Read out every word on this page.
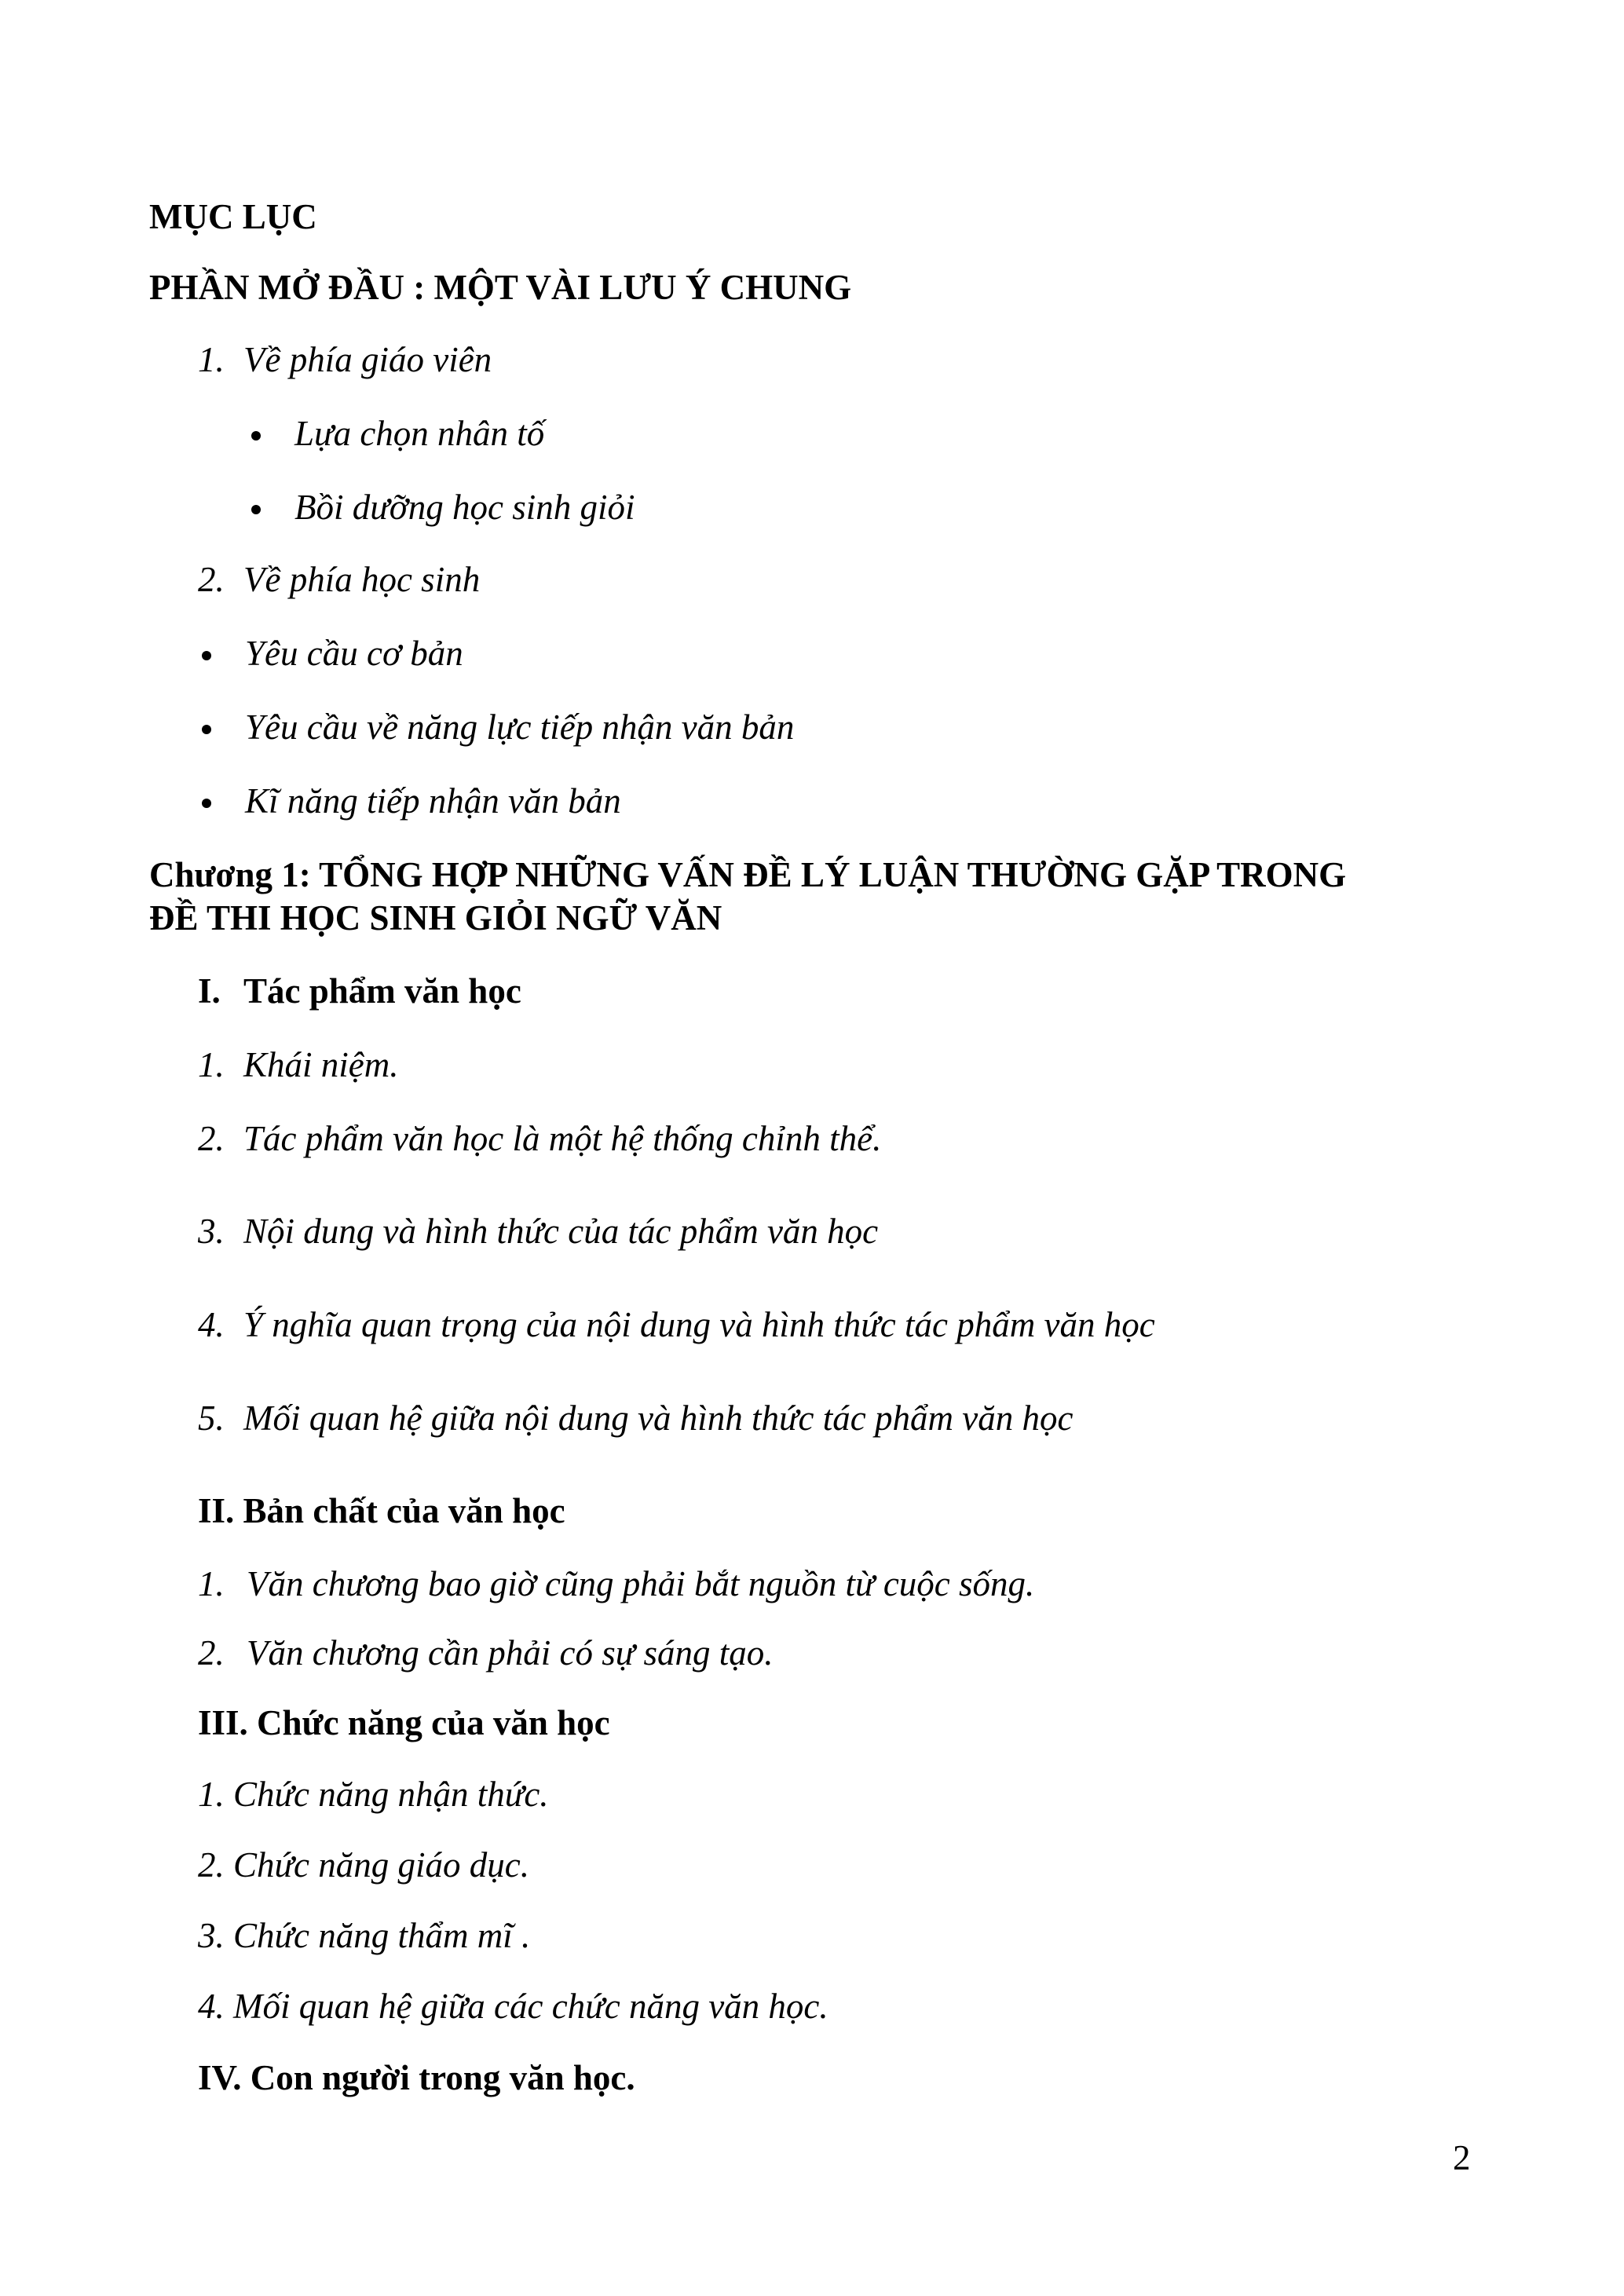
MỤC LỤC
PHẦN MỞ ĐẦU : MỘT VÀI LƯU Ý CHUNG
1. Về phía giáo viên
Lựa chọn nhân tố
Bồi dưỡng học sinh giỏi
2. Về phía học sinh
Yêu cầu cơ bản
Yêu cầu về năng lực tiếp nhận văn bản
Kĩ năng tiếp nhận văn bản
Chương 1: TỔNG HỢP NHỮNG VẤN ĐỀ LÝ LUẬN THƯỜNG GẶP TRONG
ĐỀ THI HỌC SINH GIỎI NGỮ VĂN
I. Tác phẩm văn học
1. Khái niệm.
2. Tác phẩm văn học là một hệ thống chỉnh thể.
3. Nội dung và hình thức của tác phẩm văn học
4. Ý nghĩa quan trọng của nội dung và hình thức tác phẩm văn học
5. Mối quan hệ giữa nội dung và hình thức tác phẩm văn học
II. Bản chất của văn học
1. Văn chương bao giờ cũng phải bắt nguồn từ cuộc sống.
2. Văn chương cần phải có sự sáng tạo.
III. Chức năng của văn học
1. Chức năng nhận thức.
2. Chức năng giáo dục.
3. Chức năng thẩm mĩ .
4. Mối quan hệ giữa các chức năng văn học.
IV. Con người trong văn học.
2
